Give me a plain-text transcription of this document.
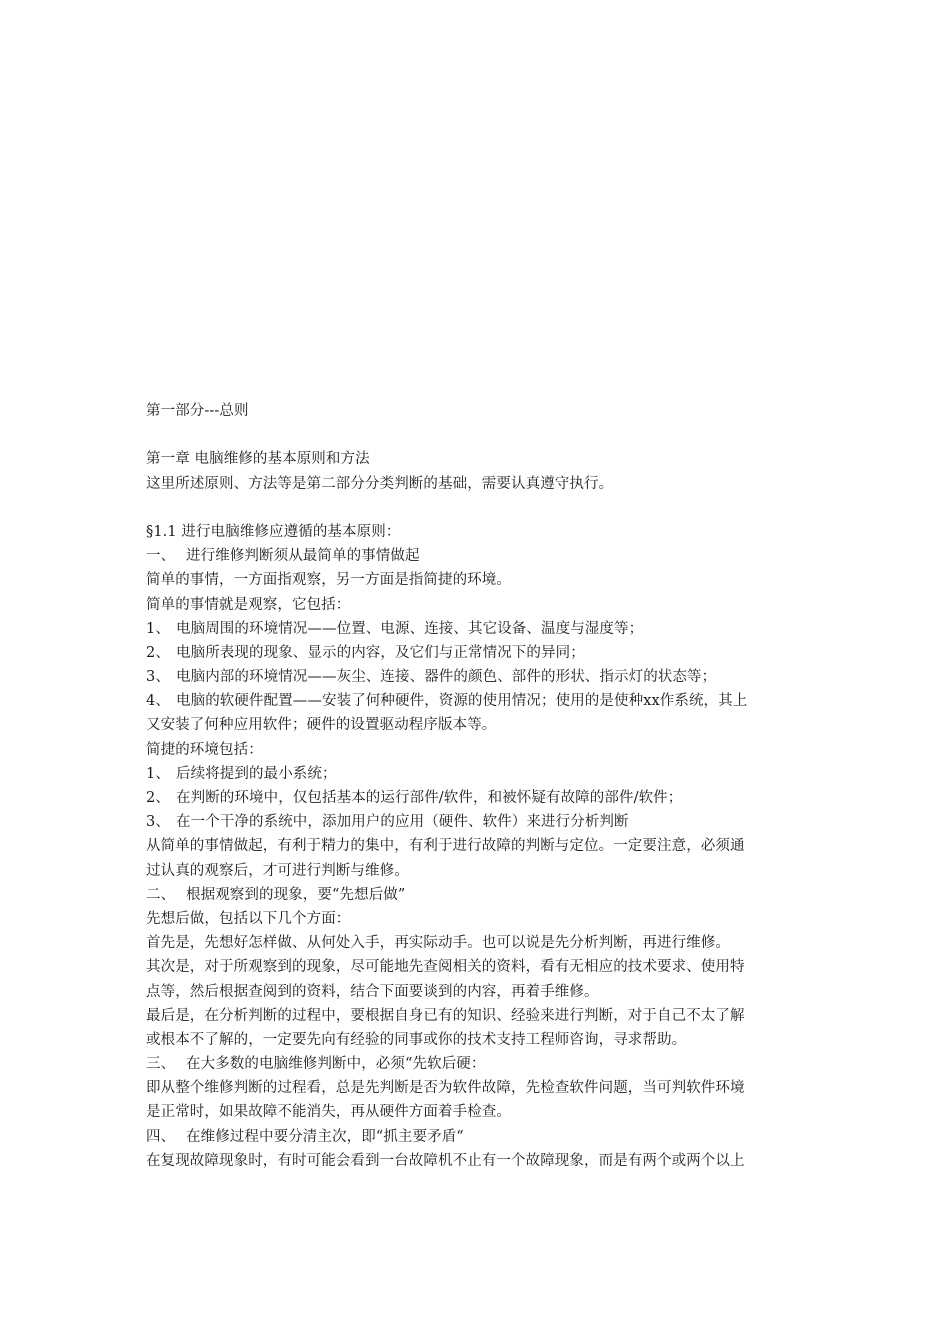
第一部分---总则
第一章 电脑维修的基本原则和方法
这里所述原则、方法等是第二部分分类判断的基础，需要认真遵守执行。
§1.1 进行电脑维修应遵循的基本原则：
一、 进行维修判断须从最简单的事情做起
简单的事情，一方面指观察，另一方面是指简捷的环境。
简单的事情就是观察，它包括：
1、 电脑周围的环境情况——位置、电源、连接、其它设备、温度与湿度等；
2、 电脑所表现的现象、显示的内容，及它们与正常情况下的异同；
3、 电脑内部的环境情况——灰尘、连接、器件的颜色、部件的形状、指示灯的状态等；
4、 电脑的软硬件配置——安装了何种硬件，资源的使用情况；使用的是使种xx作系统，其上
又安装了何种应用软件；硬件的设置驱动程序版本等。
简捷的环境包括：
1、 后续将提到的最小系统；
2、 在判断的环境中，仅包括基本的运行部件/软件，和被怀疑有故障的部件/软件；
3、 在一个干净的系统中，添加用户的应用（硬件、软件）来进行分析判断
从简单的事情做起，有利于精力的集中，有利于进行故障的判断与定位。一定要注意，必须通
过认真的观察后，才可进行判断与维修。
二、 根据观察到的现象，要“先想后做”
先想后做，包括以下几个方面：
首先是，先想好怎样做、从何处入手，再实际动手。也可以说是先分析判断，再进行维修。
其次是，对于所观察到的现象，尽可能地先查阅相关的资料，看有无相应的技术要求、使用特
点等，然后根据查阅到的资料，结合下面要谈到的内容，再着手维修。
最后是，在分析判断的过程中，要根据自身已有的知识、经验来进行判断，对于自己不太了解
或根本不了解的，一定要先向有经验的同事或你的技术支持工程师咨询，寻求帮助。
三、 在大多数的电脑维修判断中，必须“先软后硬：
即从整个维修判断的过程看，总是先判断是否为软件故障，先检查软件问题，当可判软件环境
是正常时，如果故障不能消失，再从硬件方面着手检查。
四、 在维修过程中要分清主次，即“抓主要矛盾“
在复现故障现象时，有时可能会看到一台故障机不止有一个故障现象，而是有两个或两个以上
